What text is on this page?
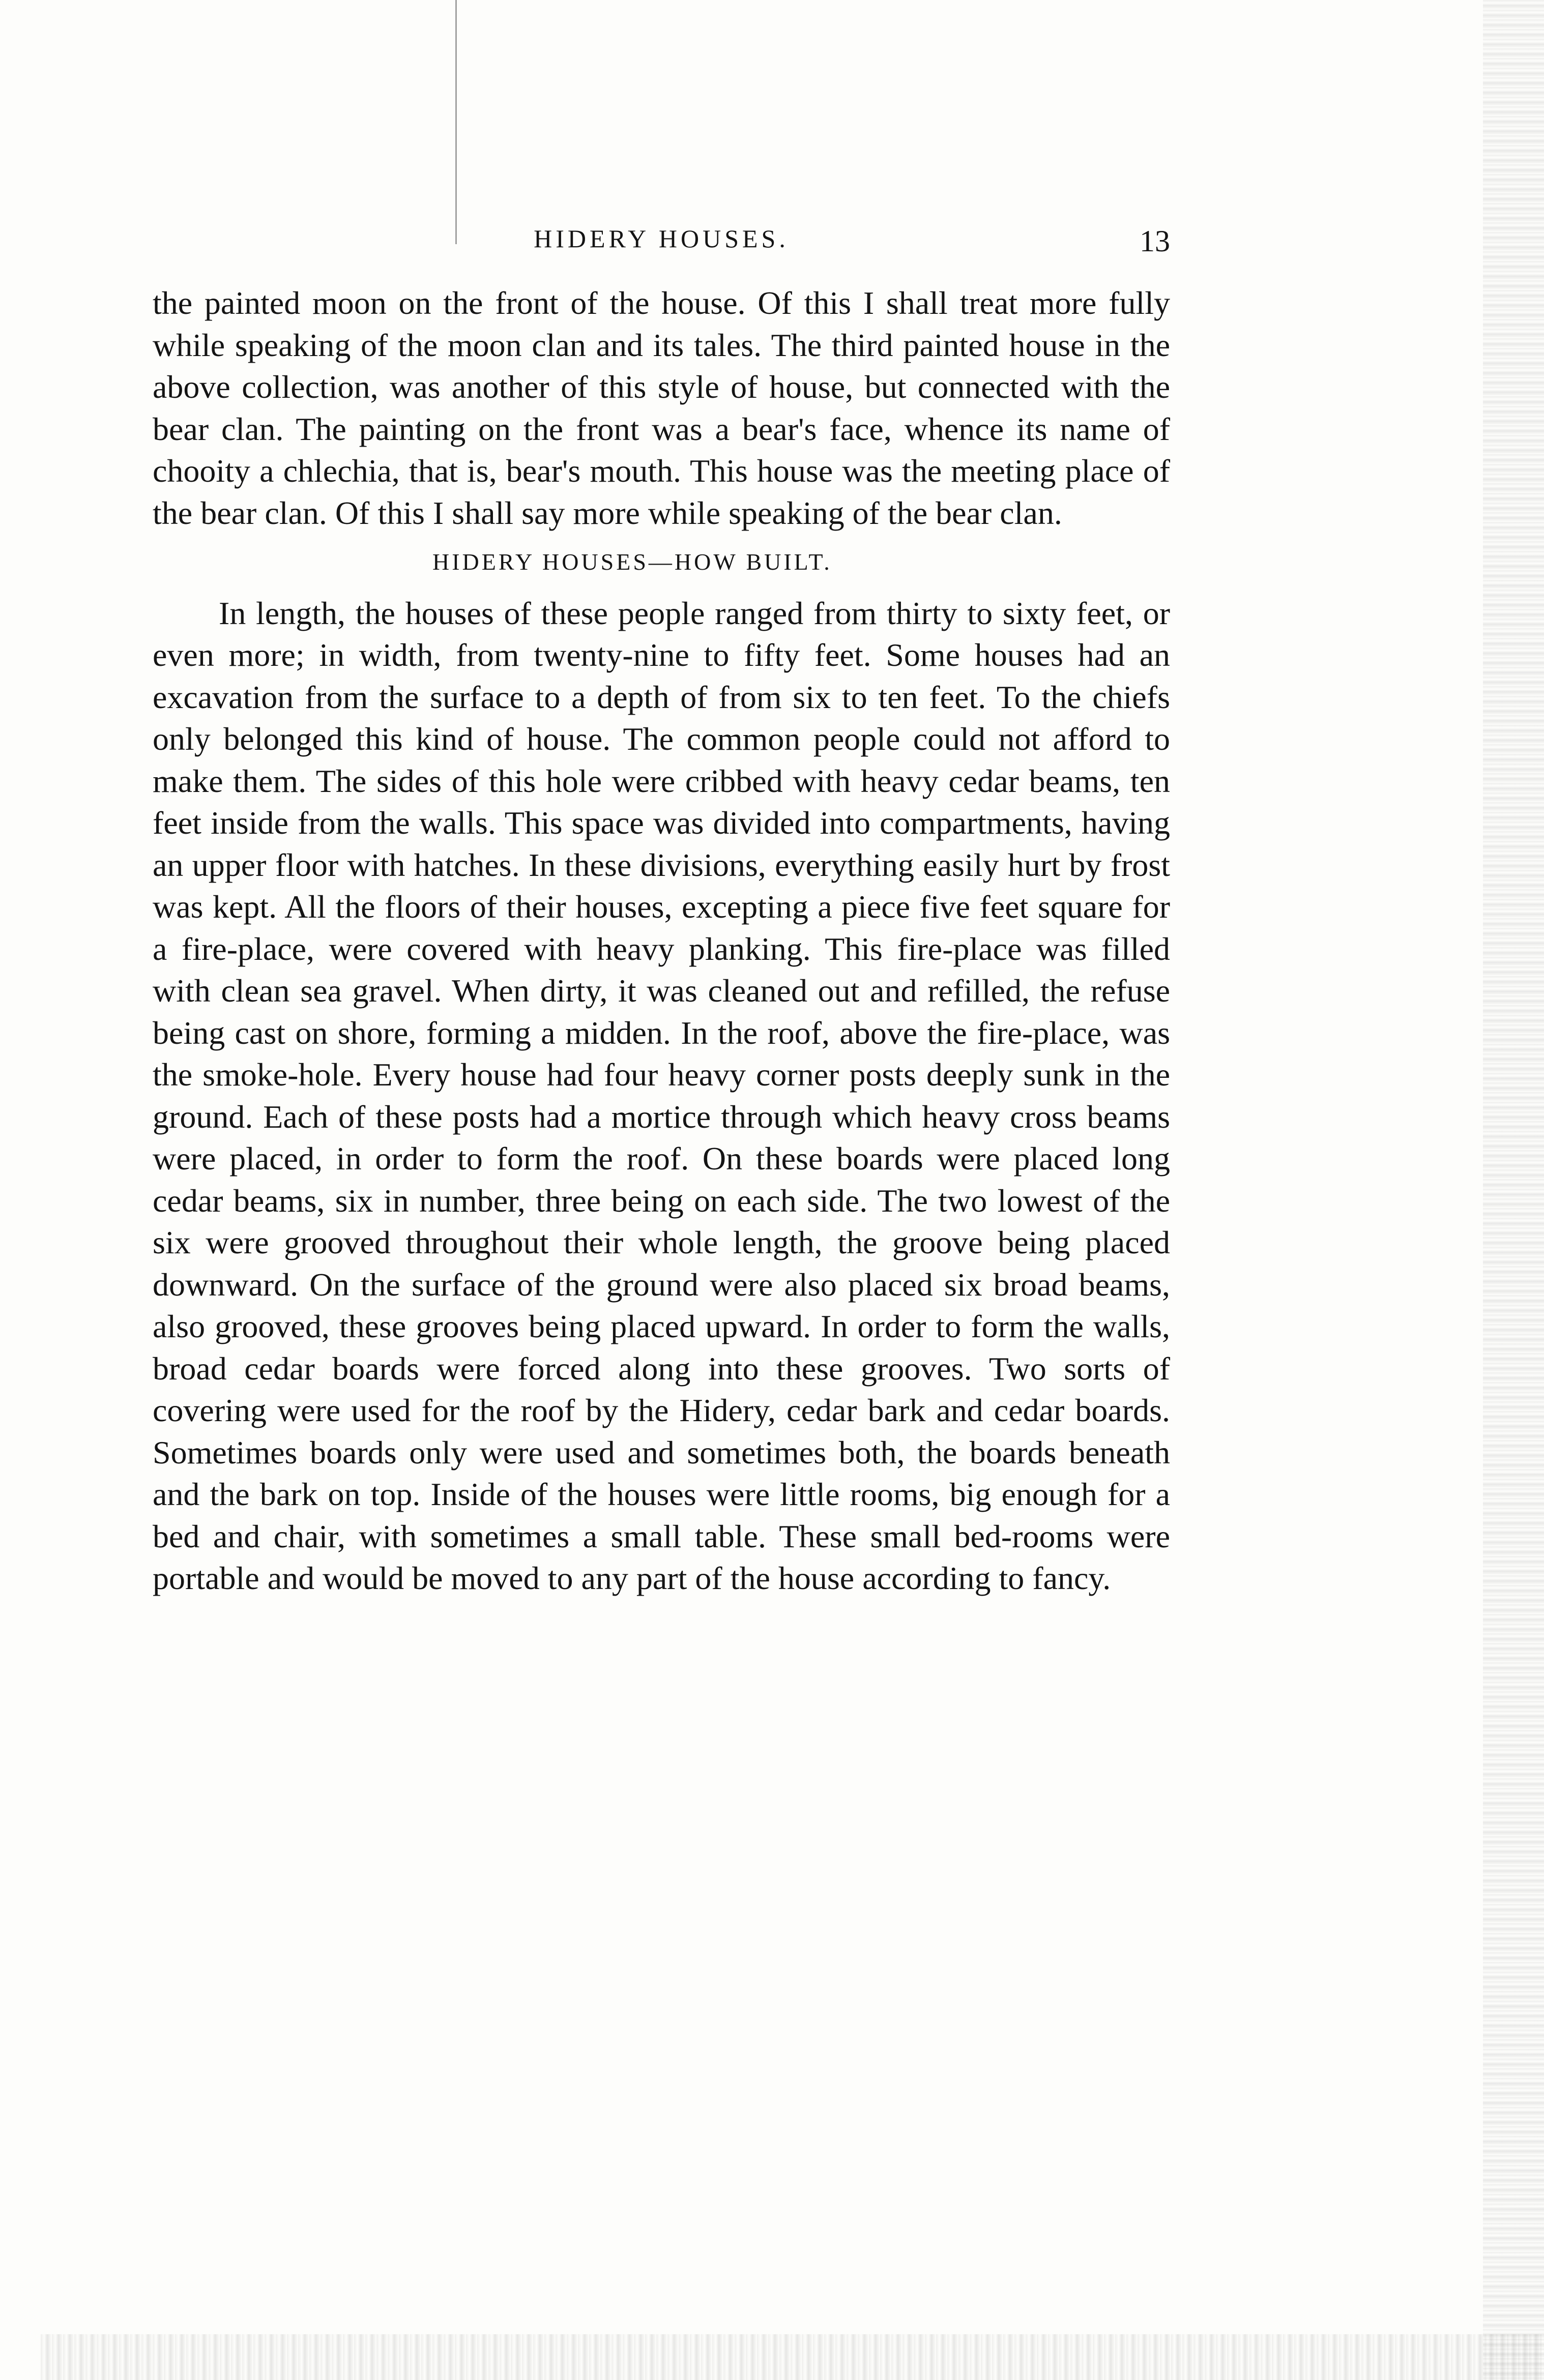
HIDERY HOUSES.	13

the painted moon on the front of the house. Of this I shall treat more fully while speaking of the moon clan and its tales. The third painted house in the above collection, was another of this style of house, but connected with the bear clan. The painting on the front was a bear's face, whence its name of chooity a chlechia, that is, bear's mouth. This house was the meeting place of the bear clan. Of this I shall say more while speaking of the bear clan.

HIDERY HOUSES—HOW BUILT.

In length, the houses of these people ranged from thirty to sixty feet, or even more; in width, from twenty-nine to fifty feet. Some houses had an excavation from the surface to a depth of from six to ten feet. To the chiefs only belonged this kind of house. The common people could not afford to make them. The sides of this hole were cribbed with heavy cedar beams, ten feet inside from the walls. This space was divided into compartments, having an upper floor with hatches. In these divisions, everything easily hurt by frost was kept. All the floors of their houses, excepting a piece five feet square for a fire-place, were covered with heavy planking. This fire-place was filled with clean sea gravel. When dirty, it was cleaned out and refilled, the refuse being cast on shore, forming a midden. In the roof, above the fire-place, was the smoke-hole. Every house had four heavy corner posts deeply sunk in the ground. Each of these posts had a mortice through which heavy cross beams were placed, in order to form the roof. On these boards were placed long cedar beams, six in number, three being on each side. The two lowest of the six were grooved throughout their whole length, the groove being placed downward. On the surface of the ground were also placed six broad beams, also grooved, these grooves being placed upward. In order to form the walls, broad cedar boards were forced along into these grooves. Two sorts of covering were used for the roof by the Hidery, cedar bark and cedar boards. Sometimes boards only were used and sometimes both, the boards beneath and the bark on top. Inside of the houses were little rooms, big enough for a bed and chair, with sometimes a small table. These small bed-rooms were portable and would be moved to any part of the house according to fancy.
